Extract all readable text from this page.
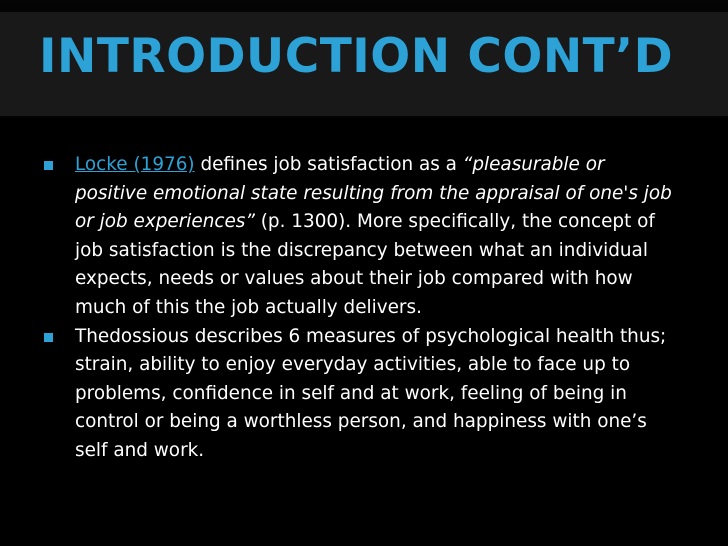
INTRODUCTION CONT’D
Locke (1976) defines job satisfaction as a “pleasurable or positive emotional state resulting from the appraisal of one's job or job experiences” (p. 1300). More specifically, the concept of job satisfaction is the discrepancy between what an individual expects, needs or values about their job compared with how much of this the job actually delivers.
Thedossious describes 6 measures of psychological health thus; strain, ability to enjoy everyday activities, able to face up to problems, confidence in self and at work, feeling of being in control or being a worthless person, and happiness with one’s self and work.
